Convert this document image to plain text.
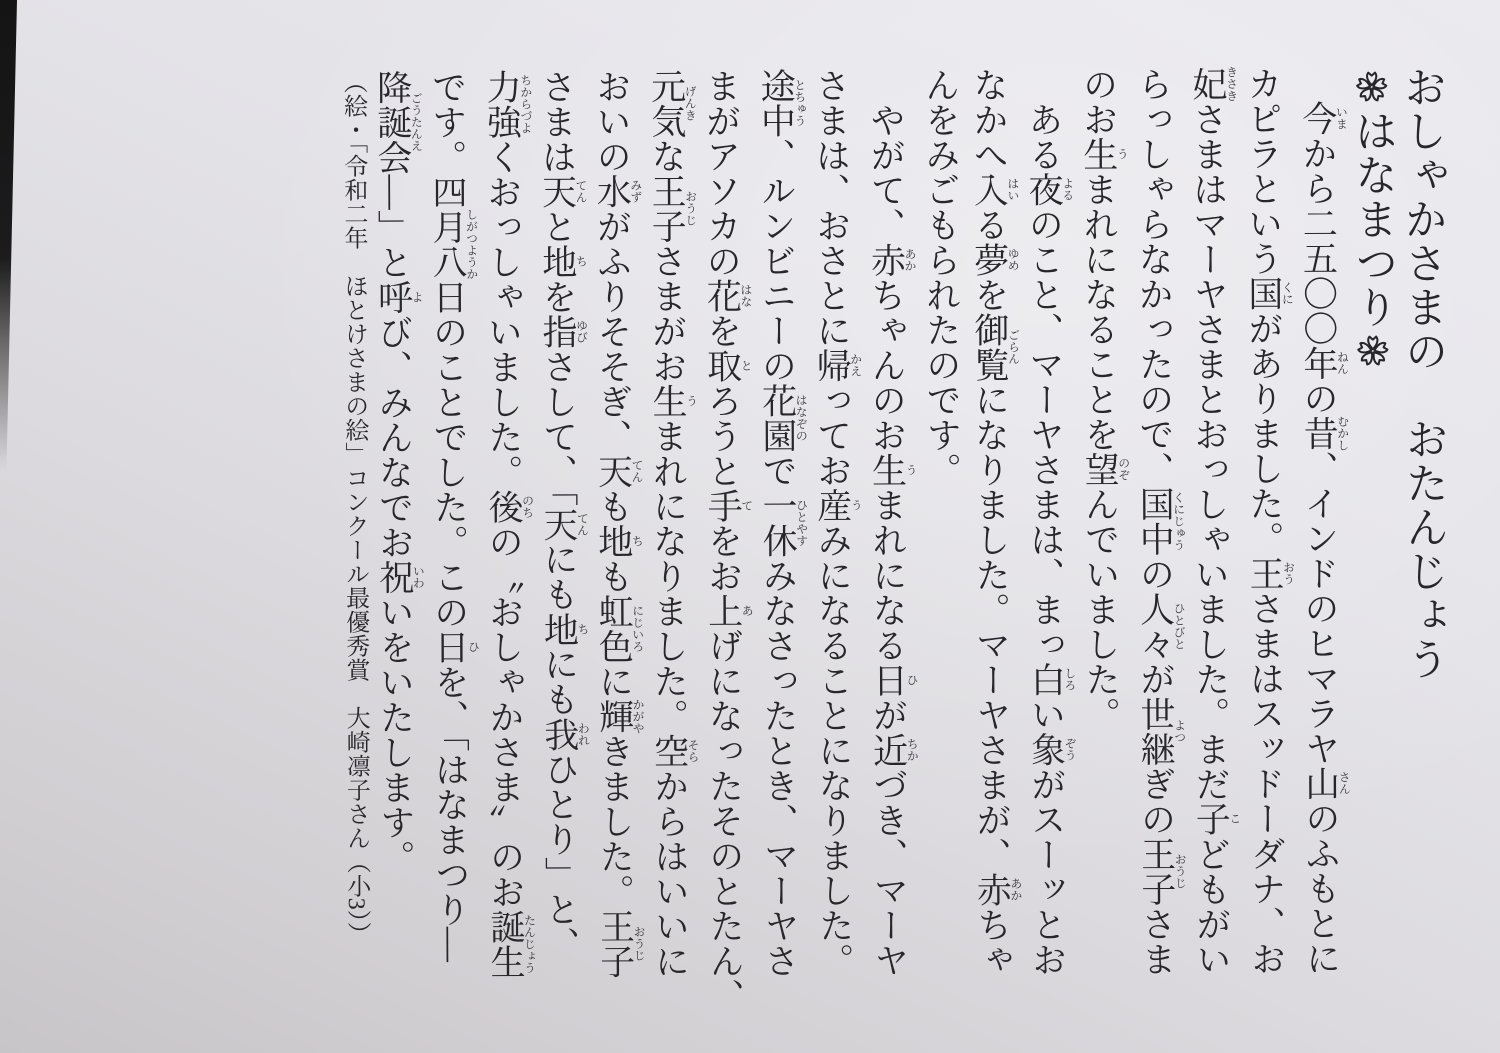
おしゃかさまの　おたんじょう

はなまつり

今いまから二五〇〇年ねんの昔むかし、インドのヒマラヤ山さんのふもとに

カピラという国くにがありました。王おうさまはスッドーダナ、お

妃きさきさまはマーヤさまとおっしゃいました。まだ子こどもがい

らっしゃらなかったので、国中くにじゅうの人々ひとびとが世継よつぎの王子おうじさま

のお生うまれになることを望のぞんでいました。

ある夜よるのこと、マーヤさまは、まっ白しろい象ぞうがスーッとお

なかへ入はいる夢ゆめを御覧ごらんになりました。マーヤさまが、赤あかちゃ

んをみごもられたのです。

やがて、赤あかちゃんのお生うまれになる日ひが近ちかづき、マーヤ

さまは、おさとに帰かえってお産うみになることになりました。

途中とちゅう、ルンビニーの花園はなぞので一休ひとやすみなさったとき、マーヤさ

まがアソカの花はなを取とろうと手てをお上あげになったそのとたん、

元気げんきな王子おうじさまがお生うまれになりました。空そらからはいいに

おいの水みずがふりそそぎ、天てんも地ちも虹色にじいろに輝かがやきました。王子おうじ

さまは天てんと地ちを指ゆびさして、「天てんにも地ちにも我われひとり」と、

力強ちからづよくおっしゃいました。後のちの〝おしゃかさま〟のお誕生たんじょう

です。四月八日しがつようかのことでした。この日ひを、「はなまつり―

降誕会ごうたんえ―」と呼よび、みんなでお祝いわいをいたします。

（絵・「令和二年　ほとけさまの絵」コンクール最優秀賞　大崎凛子さん（小3））
